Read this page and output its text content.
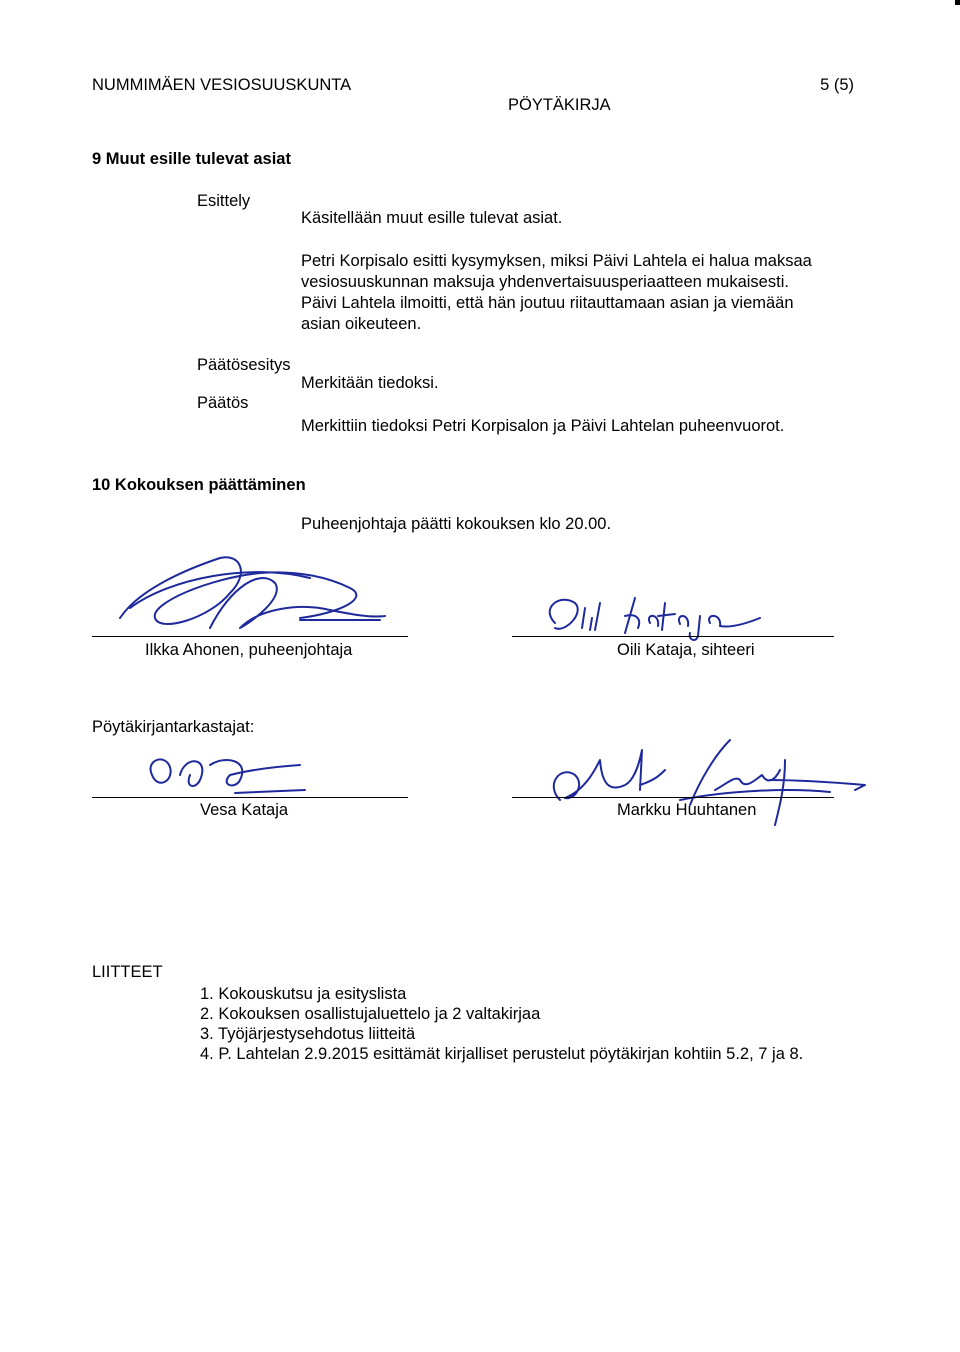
NUMMIMÄEN VESIOSUUSKUNTA	5 (5)
PÖYTÄKIRJA
9 Muut esille tulevat asiat
Esittely
Käsitellään muut esille tulevat asiat.
Petri Korpisalo esitti kysymyksen, miksi Päivi Lahtela ei halua maksaa
vesiosuuskunnan maksuja yhdenvertaisuusperiaatteen mukaisesti.
Päivi Lahtela ilmoitti, että hän joutuu riitauttamaan asian ja viemään
asian oikeuteen.
Päätösesitys
Merkitään tiedoksi.
Päätös
Merkittiin tiedoksi Petri Korpisalon ja Päivi Lahtelan puheenvuorot.
10 Kokouksen päättäminen
Puheenjohtaja päätti kokouksen klo 20.00.
Ilkka Ahonen, puheenjohtaja	Oili Kataja, sihteeri
Pöytäkirjantarkastajat:
Vesa Kataja	Markku Huuhtanen
LIITTEET
1. Kokouskutsu ja esityslista
2. Kokouksen osallistujaluettelo ja 2 valtakirjaa
3. Työjärjestysehdotus liitteitä
4. P. Lahtelan 2.9.2015 esittämät kirjalliset perustelut pöytäkirjan kohtiin 5.2, 7 ja 8.
